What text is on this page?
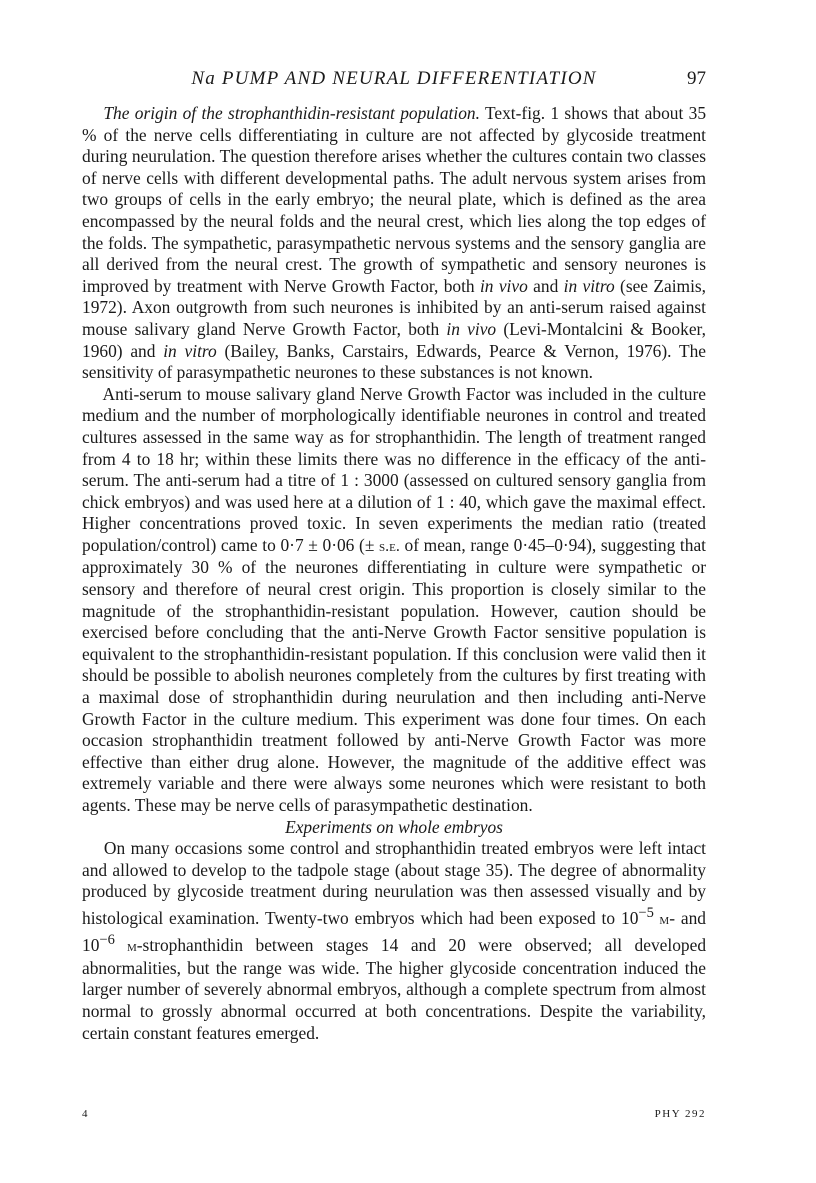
Na PUMP AND NEURAL DIFFERENTIATION	97

The origin of the strophanthidin-resistant population. Text-fig. 1 shows that about 35 % of the nerve cells differentiating in culture are not affected by glycoside treatment during neurulation. The question therefore arises whether the cultures contain two classes of nerve cells with different developmental paths. The adult nervous system arises from two groups of cells in the early embryo; the neural plate, which is defined as the area encompassed by the neural folds and the neural crest, which lies along the top edges of the folds. The sympathetic, parasympathetic nervous systems and the sensory ganglia are all derived from the neural crest. The growth of sympathetic and sensory neurones is improved by treatment with Nerve Growth Factor, both in vivo and in vitro (see Zaimis, 1972). Axon outgrowth from such neurones is inhibited by an anti-serum raised against mouse salivary gland Nerve Growth Factor, both in vivo (Levi-Montalcini & Booker, 1960) and in vitro (Bailey, Banks, Carstairs, Edwards, Pearce & Vernon, 1976). The sensitivity of parasympathetic neurones to these substances is not known.

Anti-serum to mouse salivary gland Nerve Growth Factor was included in the culture medium and the number of morphologically identifiable neurones in control and treated cultures assessed in the same way as for strophanthidin. The length of treatment ranged from 4 to 18 hr; within these limits there was no difference in the efficacy of the anti-serum. The anti-serum had a titre of 1 : 3000 (assessed on cultured sensory ganglia from chick embryos) and was used here at a dilution of 1 : 40, which gave the maximal effect. Higher concentrations proved toxic. In seven experiments the median ratio (treated population/control) came to 0·7 ± 0·06 (± s.e. of mean, range 0·45–0·94), suggesting that approximately 30 % of the neurones differentiating in culture were sympathetic or sensory and therefore of neural crest origin. This proportion is closely similar to the magnitude of the strophanthidin-resistant population. However, caution should be exercised before concluding that the anti-Nerve Growth Factor sensitive population is equivalent to the strophanthidin-resistant population. If this conclusion were valid then it should be possible to abolish neurones completely from the cultures by first treating with a maximal dose of strophanthidin during neurulation and then including anti-Nerve Growth Factor in the culture medium. This experiment was done four times. On each occasion strophanthidin treatment followed by anti-Nerve Growth Factor was more effective than either drug alone. However, the magnitude of the additive effect was extremely variable and there were always some neurones which were resistant to both agents. These may be nerve cells of parasympathetic destination.

Experiments on whole embryos

On many occasions some control and strophanthidin treated embryos were left intact and allowed to develop to the tadpole stage (about stage 35). The degree of abnormality produced by glycoside treatment during neurulation was then assessed visually and by histological examination. Twenty-two embryos which had been exposed to $10^{-5}$ m- and $10^{-6}$ m-strophanthidin between stages 14 and 20 were observed; all developed abnormalities, but the range was wide. The higher glycoside concentration induced the larger number of severely abnormal embryos, although a complete spectrum from almost normal to grossly abnormal occurred at both concentrations. Despite the variability, certain constant features emerged.

4	PHY 292
